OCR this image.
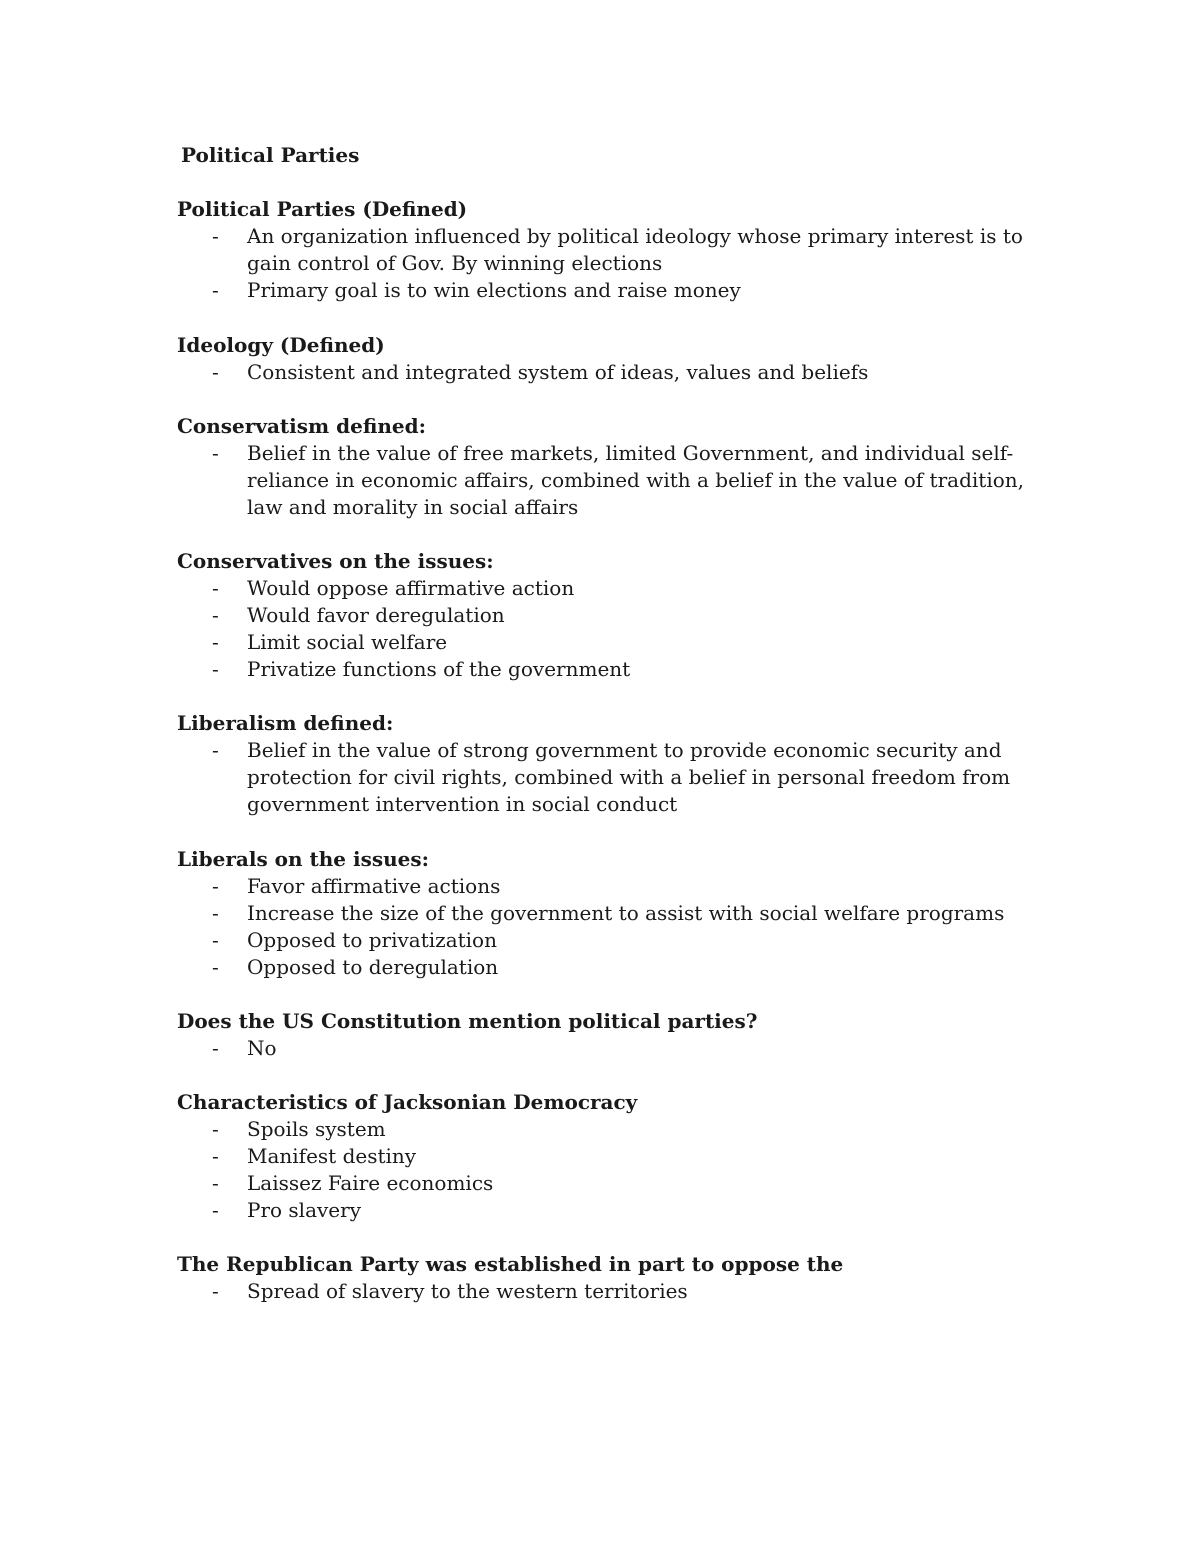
Political Parties
Political Parties (Defined)
- An organization influenced by political ideology whose primary interest is to gain control of Gov. By winning elections
- Primary goal is to win elections and raise money
Ideology (Defined)
- Consistent and integrated system of ideas, values and beliefs
Conservatism defined:
- Belief in the value of free markets, limited Government, and individual self-reliance in economic affairs, combined with a belief in the value of tradition, law and morality in social affairs
Conservatives on the issues:
- Would oppose affirmative action
- Would favor deregulation
- Limit social welfare
- Privatize functions of the government
Liberalism defined:
- Belief in the value of strong government to provide economic security and protection for civil rights, combined with a belief in personal freedom from government intervention in social conduct
Liberals on the issues:
- Favor affirmative actions
- Increase the size of the government to assist with social welfare programs
- Opposed to privatization
- Opposed to deregulation
Does the US Constitution mention political parties?
- No
Characteristics of Jacksonian Democracy
- Spoils system
- Manifest destiny
- Laissez Faire economics
- Pro slavery
The Republican Party was established in part to oppose the
- Spread of slavery to the western territories
